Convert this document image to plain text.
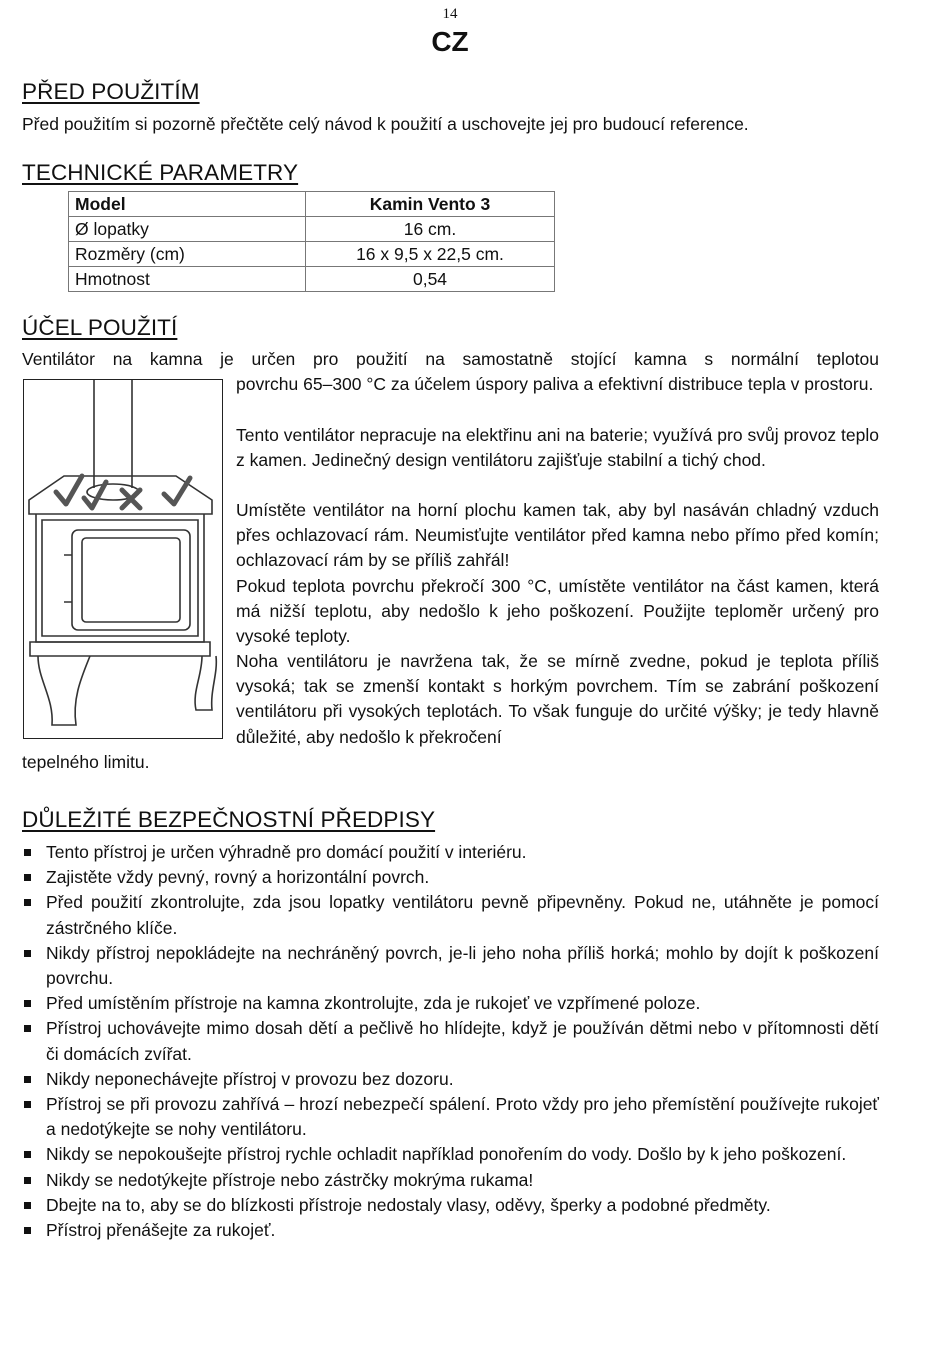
14
CZ
PŘED POUŽITÍM
Před použitím si pozorně přečtěte celý návod k použití a uschovejte jej pro budoucí reference.
TECHNICKÉ PARAMETRY
Model	Kamin Vento 3
Ø lopatky	16 cm.
Rozměry (cm)	16 x 9,5 x 22,5 cm.
Hmotnost	0,54
ÚČEL POUŽITÍ
Ventilátor na kamna je určen pro použití na samostatně stojící kamna s normální teplotou
povrchu 65–300 °C za účelem úspory paliva a efektivní distribuce tepla v prostoru.
Tento ventilátor nepracuje na elektřinu ani na baterie; využívá pro svůj provoz teplo z kamen. Jedinečný design ventilátoru zajišťuje stabilní a tichý chod.
Umístěte ventilátor na horní plochu kamen tak, aby byl nasáván chladný vzduch přes ochlazovací rám. Neumisťujte ventilátor před kamna nebo přímo před komín; ochlazovací rám by se příliš zahřál!
Pokud teplota povrchu překročí 300 °C, umístěte ventilátor na část kamen, která má nižší teplotu, aby nedošlo k jeho poškození. Použijte teploměr určený pro vysoké teploty.
Noha ventilátoru je navržena tak, že se mírně zvedne, pokud je teplota příliš vysoká; tak se zmenší kontakt s horkým povrchem. Tím se zabrání poškození ventilátoru při vysokých teplotách. To však funguje do určité výšky; je tedy hlavně důležité, aby nedošlo k překročení
tepelného limitu.
DŮLEŽITÉ BEZPEČNOSTNÍ PŘEDPISY
Tento přístroj je určen výhradně pro domácí použití v interiéru.
Zajistěte vždy pevný, rovný a horizontální povrch.
Před použití zkontrolujte, zda jsou lopatky ventilátoru pevně připevněny. Pokud ne, utáhněte je pomocí zástrčného klíče.
Nikdy přístroj nepokládejte na nechráněný povrch, je-li jeho noha příliš horká; mohlo by dojít k poškození povrchu.
Před umístěním přístroje na kamna zkontrolujte, zda je rukojeť ve vzpřímené poloze.
Přístroj uchovávejte mimo dosah dětí a pečlivě ho hlídejte, když je používán dětmi nebo v přítomnosti dětí či domácích zvířat.
Nikdy neponechávejte přístroj v provozu bez dozoru.
Přístroj se při provozu zahřívá – hrozí nebezpečí spálení. Proto vždy pro jeho přemístění používejte rukojeť a nedotýkejte se nohy ventilátoru.
Nikdy se nepokoušejte přístroj rychle ochladit například ponořením do vody. Došlo by k jeho poškození.
Nikdy se nedotýkejte přístroje nebo zástrčky mokrýma rukama!
Dbejte na to, aby se do blízkosti přístroje nedostaly vlasy, oděvy, šperky a podobné předměty.
Přístroj přenášejte za rukojeť.
